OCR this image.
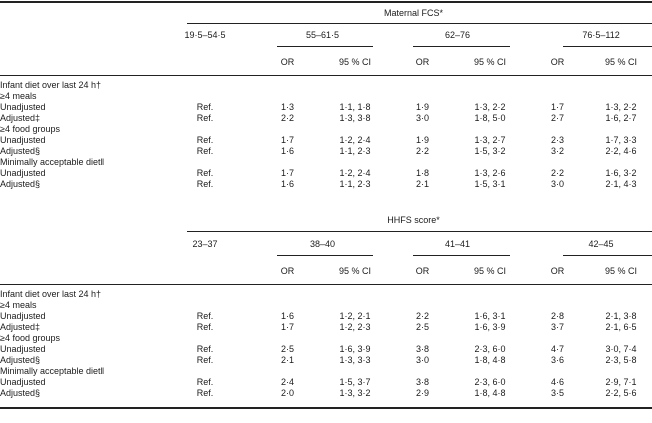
	Maternal FCS*						

	19·5–54·5	55–61·5		62–76		76·5–112	

		OR	95 % CI	OR	95 % CI	OR	95 % CI

Infant diet over last 24 h†							
≥4 meals							
Unadjusted	Ref.	1·3	1·1, 1·8	1·9	1·3, 2·2	1·7	1·3, 2·2
Adjusted‡	Ref.	2·2	1·3, 3·8	3·0	1·8, 5·0	2·7	1·6, 2·7
≥4 food groups							
Unadjusted	Ref.	1·7	1·2, 2·4	1·9	1·3, 2·7	2·3	1·7, 3·3
Adjusted§	Ref.	1·6	1·1, 2·3	2·2	1·5, 3·2	3·2	2·2, 4·6
Minimally acceptable diet‖							
Unadjusted	Ref.	1·7	1·2, 2·4	1·8	1·3, 2·6	2·2	1·6, 3·2
Adjusted§	Ref.	1·6	1·1, 2·3	2·1	1·5, 3·1	3·0	2·1, 4·3

	HHFS score*						

	23–37	38–40		41–41		42–45	

		OR	95 % CI	OR	95 % CI	OR	95 % CI

Infant diet over last 24 h†							
≥4 meals							
Unadjusted	Ref.	1·6	1·2, 2·1	2·2	1·6, 3·1	2·8	2·1, 3·8
Adjusted‡	Ref.	1·7	1·2, 2·3	2·5	1·6, 3·9	3·7	2·1, 6·5
≥4 food groups							
Unadjusted	Ref.	2·5	1·6, 3·9	3·8	2·3, 6·0	4·7	3·0, 7·4
Adjusted§	Ref.	2·1	1·3, 3·3	3·0	1·8, 4·8	3·6	2·3, 5·8
Minimally acceptable diet‖							
Unadjusted	Ref.	2·4	1·5, 3·7	3·8	2·3, 6·0	4·6	2·9, 7·1
Adjusted§	Ref.	2·0	1·3, 3·2	2·9	1·8, 4·8	3·5	2·2, 5·6
